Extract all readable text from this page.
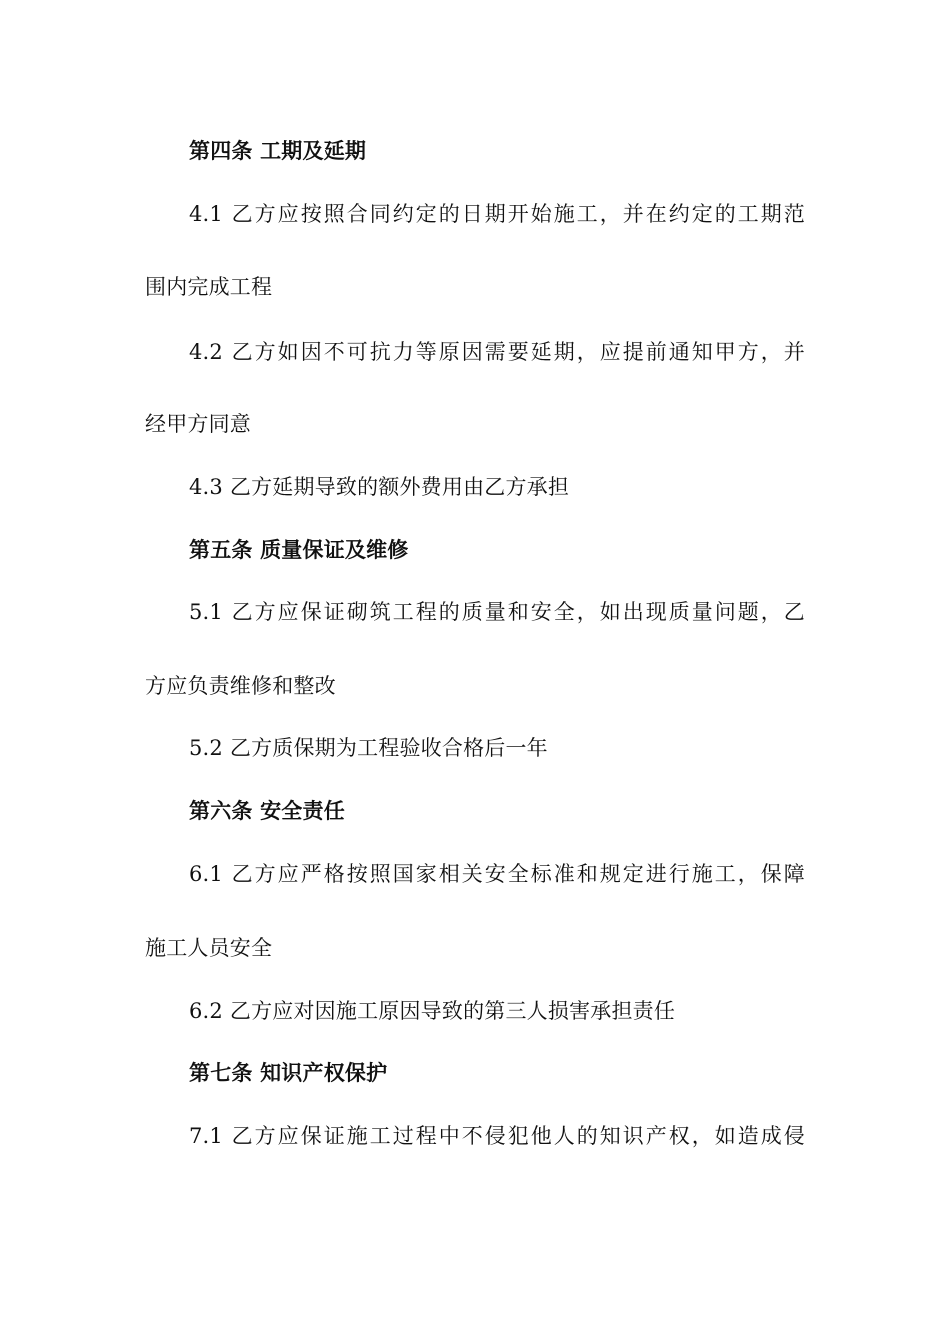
第四条 工期及延期
4.1 乙方应按照合同约定的日期开始施工，并在约定的工期范
围内完成工程
4.2 乙方如因不可抗力等原因需要延期，应提前通知甲方，并
经甲方同意
4.3 乙方延期导致的额外费用由乙方承担
第五条 质量保证及维修
5.1 乙方应保证砌筑工程的质量和安全，如出现质量问题，乙
方应负责维修和整改
5.2 乙方质保期为工程验收合格后一年
第六条 安全责任
6.1 乙方应严格按照国家相关安全标准和规定进行施工，保障
施工人员安全
6.2 乙方应对因施工原因导致的第三人损害承担责任
第七条 知识产权保护
7.1 乙方应保证施工过程中不侵犯他人的知识产权，如造成侵
